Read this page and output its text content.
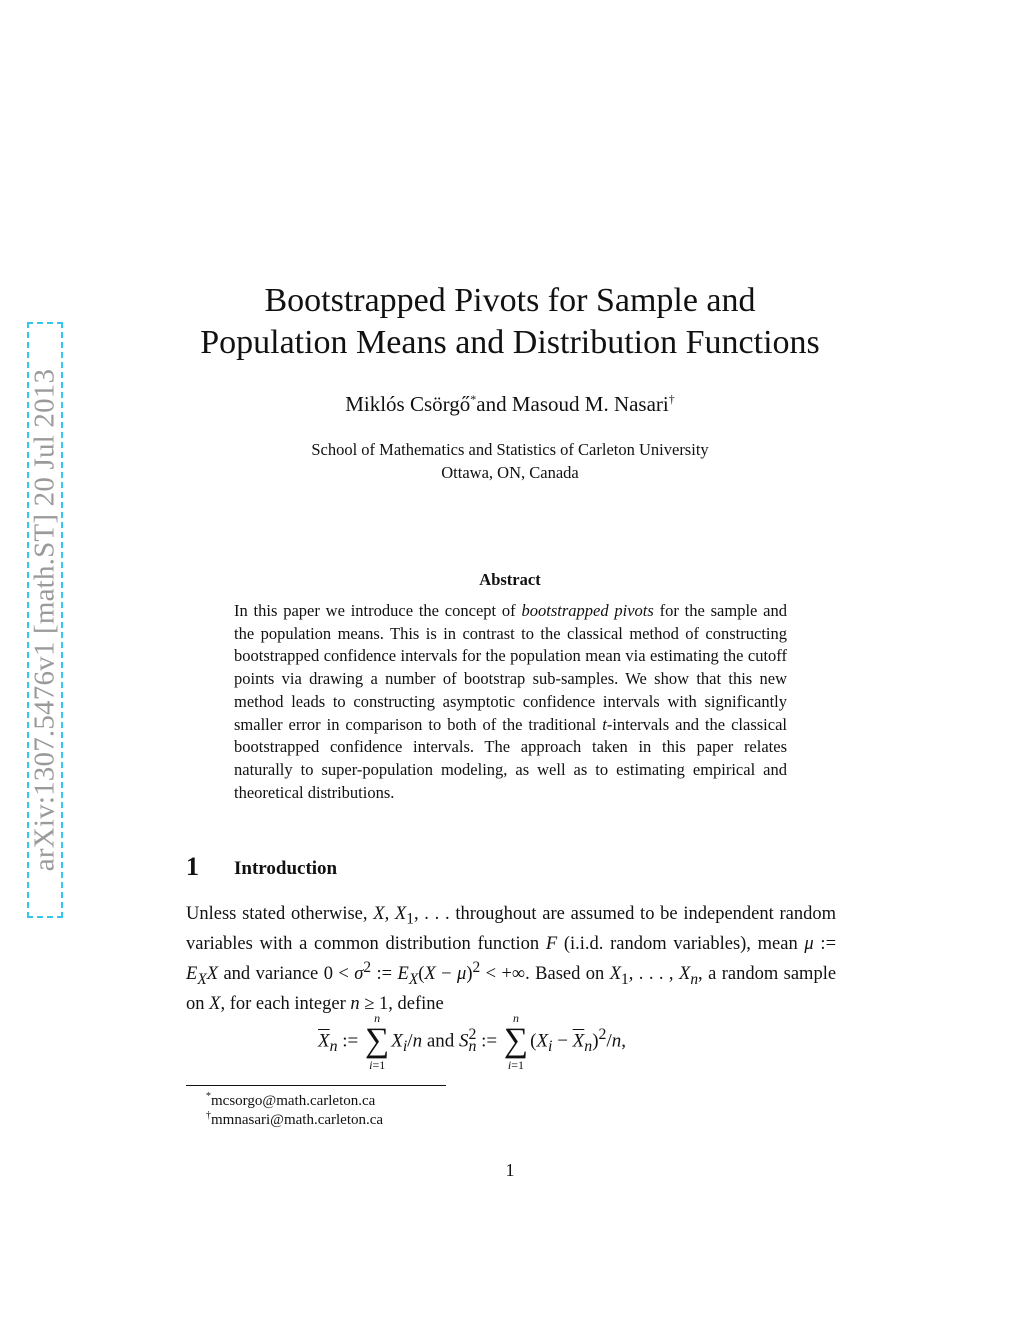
arXiv:1307.5476v1 [math.ST] 20 Jul 2013
Bootstrapped Pivots for Sample and
Population Means and Distribution Functions
Miklós Csörgő*and Masoud M. Nasari†
School of Mathematics and Statistics of Carleton University
Ottawa, ON, Canada
Abstract
In this paper we introduce the concept of bootstrapped pivots for the sample and the population means. This is in contrast to the classical method of constructing bootstrapped confidence intervals for the population mean via estimating the cutoff points via drawing a number of bootstrap sub-samples. We show that this new method leads to constructing asymptotic confidence intervals with significantly smaller error in comparison to both of the traditional t-intervals and the classical bootstrapped confidence intervals. The approach taken in this paper relates naturally to super-population modeling, as well as to estimating empirical and theoretical distributions.
1 Introduction
Unless stated otherwise, X, $X_1$, . . . throughout are assumed to be independent random variables with a common distribution function F (i.i.d. random variables), mean μ := $E_XX$ and variance $0 < \sigma^2$ := $E_X(X - \mu)^2$ < +∞. Based on $X_1$, . . . , $X_n$, a random sample on X, for each integer n ≥ 1, define
$\overline{X}_n$ :=
n
∑
i=1
$X_i/n$ and $S^2_n$ :=
n
∑
i=1
$(X_i - \overline{X}_n)^2/n$,
*mcsorgo@math.carleton.ca
†mmnasari@math.carleton.ca
1
